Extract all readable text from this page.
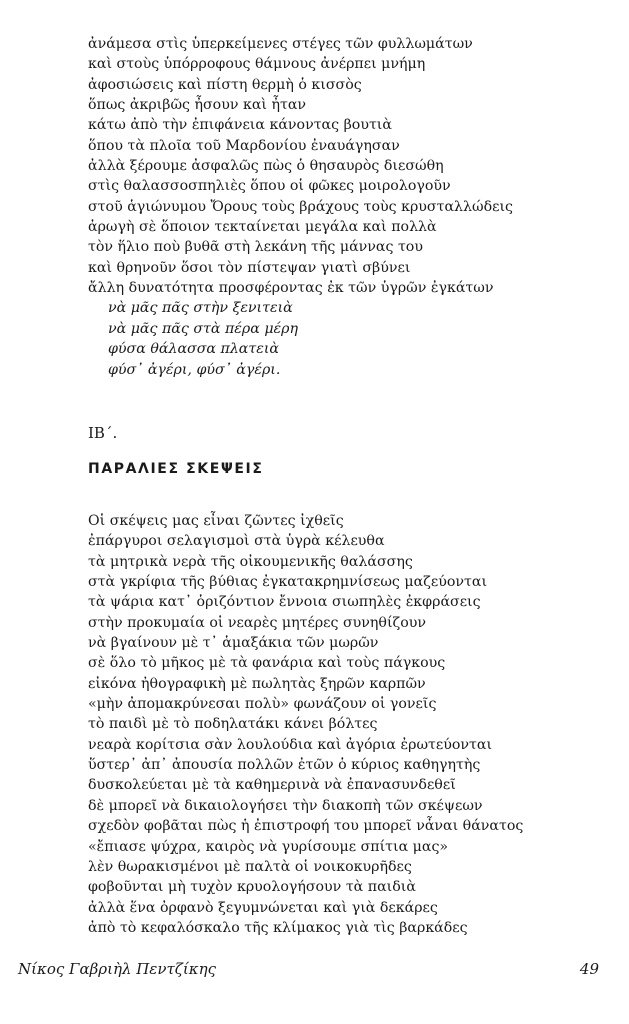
ἀνάμεσα στὶς ὑπερκείμενες στέγες τῶν φυλλωμάτων
καὶ στοὺς ὑπόρροφους θάμνους ἀνέρπει μνήμη
ἀφοσιώσεις καὶ πίστη θερμὴ ὁ κισσὸς
ὅπως ἀκριβῶς ἦσουν καὶ ἦταν
κάτω ἀπὸ τὴν ἐπιφάνεια κάνοντας βουτιὰ
ὅπου τὰ πλοῖα τοῦ Μαρδονίου ἐναυάγησαν
ἀλλὰ ξέρουμε ἀσφαλῶς πὼς ὁ θησαυρὸς διεσώθη
στὶς θαλασσοσπηλιὲς ὅπου οἱ φῶκες μοιρολογοῦν
στοῦ ἁγιώνυμου Ὄρους τοὺς βράχους τοὺς κρυσταλλώδεις
ἀρωγὴ σὲ ὅποιον τεκταίνεται μεγάλα καὶ πολλὰ
τὸν ἥλιο ποὺ βυθᾶ στὴ λεκάνη τῆς μάννας του
καὶ θρηνοῦν ὅσοι τὸν πίστεψαν γιατὶ σβύνει
ἄλλη δυνατότητα προσφέροντας ἐκ τῶν ὑγρῶν ἐγκάτων
νὰ μᾶς πᾶς στὴν ξενιτειὰ
νὰ μᾶς πᾶς στὰ πέρα μέρη
φύσα θάλασσα πλατειὰ
φύσ᾽ ἀγέρι, φύσ᾽ ἀγέρι.
ΙΒ΄.
ΠΑΡΑΛΙΕΣ ΣΚΕΨΕΙΣ
Οἱ σκέψεις μας εἶναι ζῶντες ἰχθεῖς
ἐπάργυροι σελαγισμοὶ στὰ ὑγρὰ κέλευθα
τὰ μητρικὰ νερὰ τῆς οἰκουμενικῆς θαλάσσης
στὰ γκρίφια τῆς βύθιας ἐγκατακρημνίσεως μαζεύονται
τὰ ψάρια κατ᾽ ὁριζόντιον ἔννοια σιωπηλὲς ἐκφράσεις
στὴν προκυμαία οἱ νεαρὲς μητέρες συνηθίζουν
νὰ βγαίνουν μὲ τ᾽ ἁμαξάκια τῶν μωρῶν
σὲ ὅλο τὸ μῆκος μὲ τὰ φανάρια καὶ τοὺς πάγκους
εἰκόνα ἠθογραφικὴ μὲ πωλητὰς ξηρῶν καρπῶν
«μὴν ἀπομακρύνεσαι πολὺ» φωνάζουν οἱ γονεῖς
τὸ παιδὶ μὲ τὸ ποδηλατάκι κάνει βόλτες
νεαρὰ κορίτσια σὰν λουλούδια καὶ ἀγόρια ἐρωτεύονται
ὕστερ᾽ ἀπ᾽ ἀπουσία πολλῶν ἐτῶν ὁ κύριος καθηγητὴς
δυσκολεύεται μὲ τὰ καθημερινὰ νὰ ἐπανασυνδεθεῖ
δὲ μπορεῖ νὰ δικαιολογήσει τὴν διακοπὴ τῶν σκέψεων
σχεδὸν φοβᾶται πὼς ἡ ἐπιστροφή του μπορεῖ νἆναι θάνατος
«ἔπιασε ψύχρα, καιρὸς νὰ γυρίσουμε σπίτια μας»
λὲν θωρακισμένοι μὲ παλτὰ οἱ νοικοκυρῆδες
φοβοῦνται μὴ τυχὸν κρυολογήσουν τὰ παιδιὰ
ἀλλὰ ἕνα ὀρφανὸ ξεγυμνώνεται καὶ γιὰ δεκάρες
ἀπὸ τὸ κεφαλόσκαλο τῆς κλίμακος γιὰ τὶς βαρκάδες
Νίκος Γαβριὴλ Πεντζίκης	49
